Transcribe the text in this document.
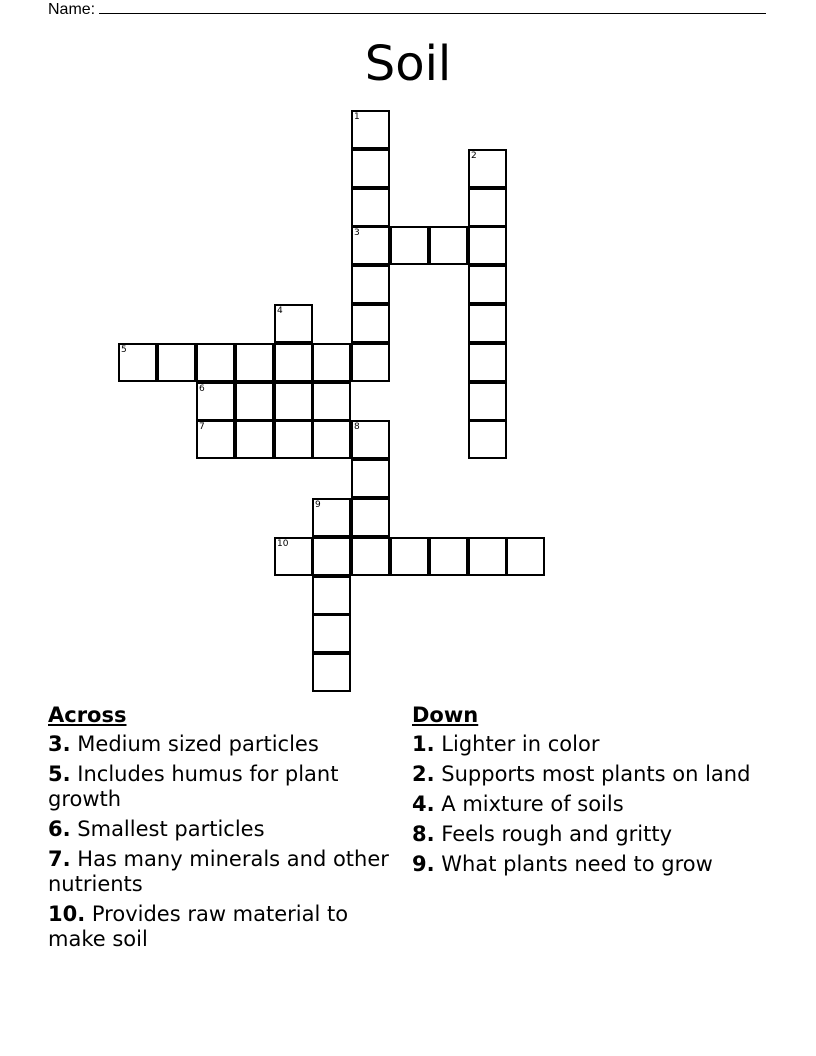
Name:
Soil
1
2
3
4
5
6
7	8
9
10
Across
3. Medium sized particles
5. Includes humus for plant growth
6. Smallest particles
7. Has many minerals and other nutrients
10. Provides raw material to make soil
Down
1. Lighter in color
2. Supports most plants on land
4. A mixture of soils
8. Feels rough and gritty
9. What plants need to grow
